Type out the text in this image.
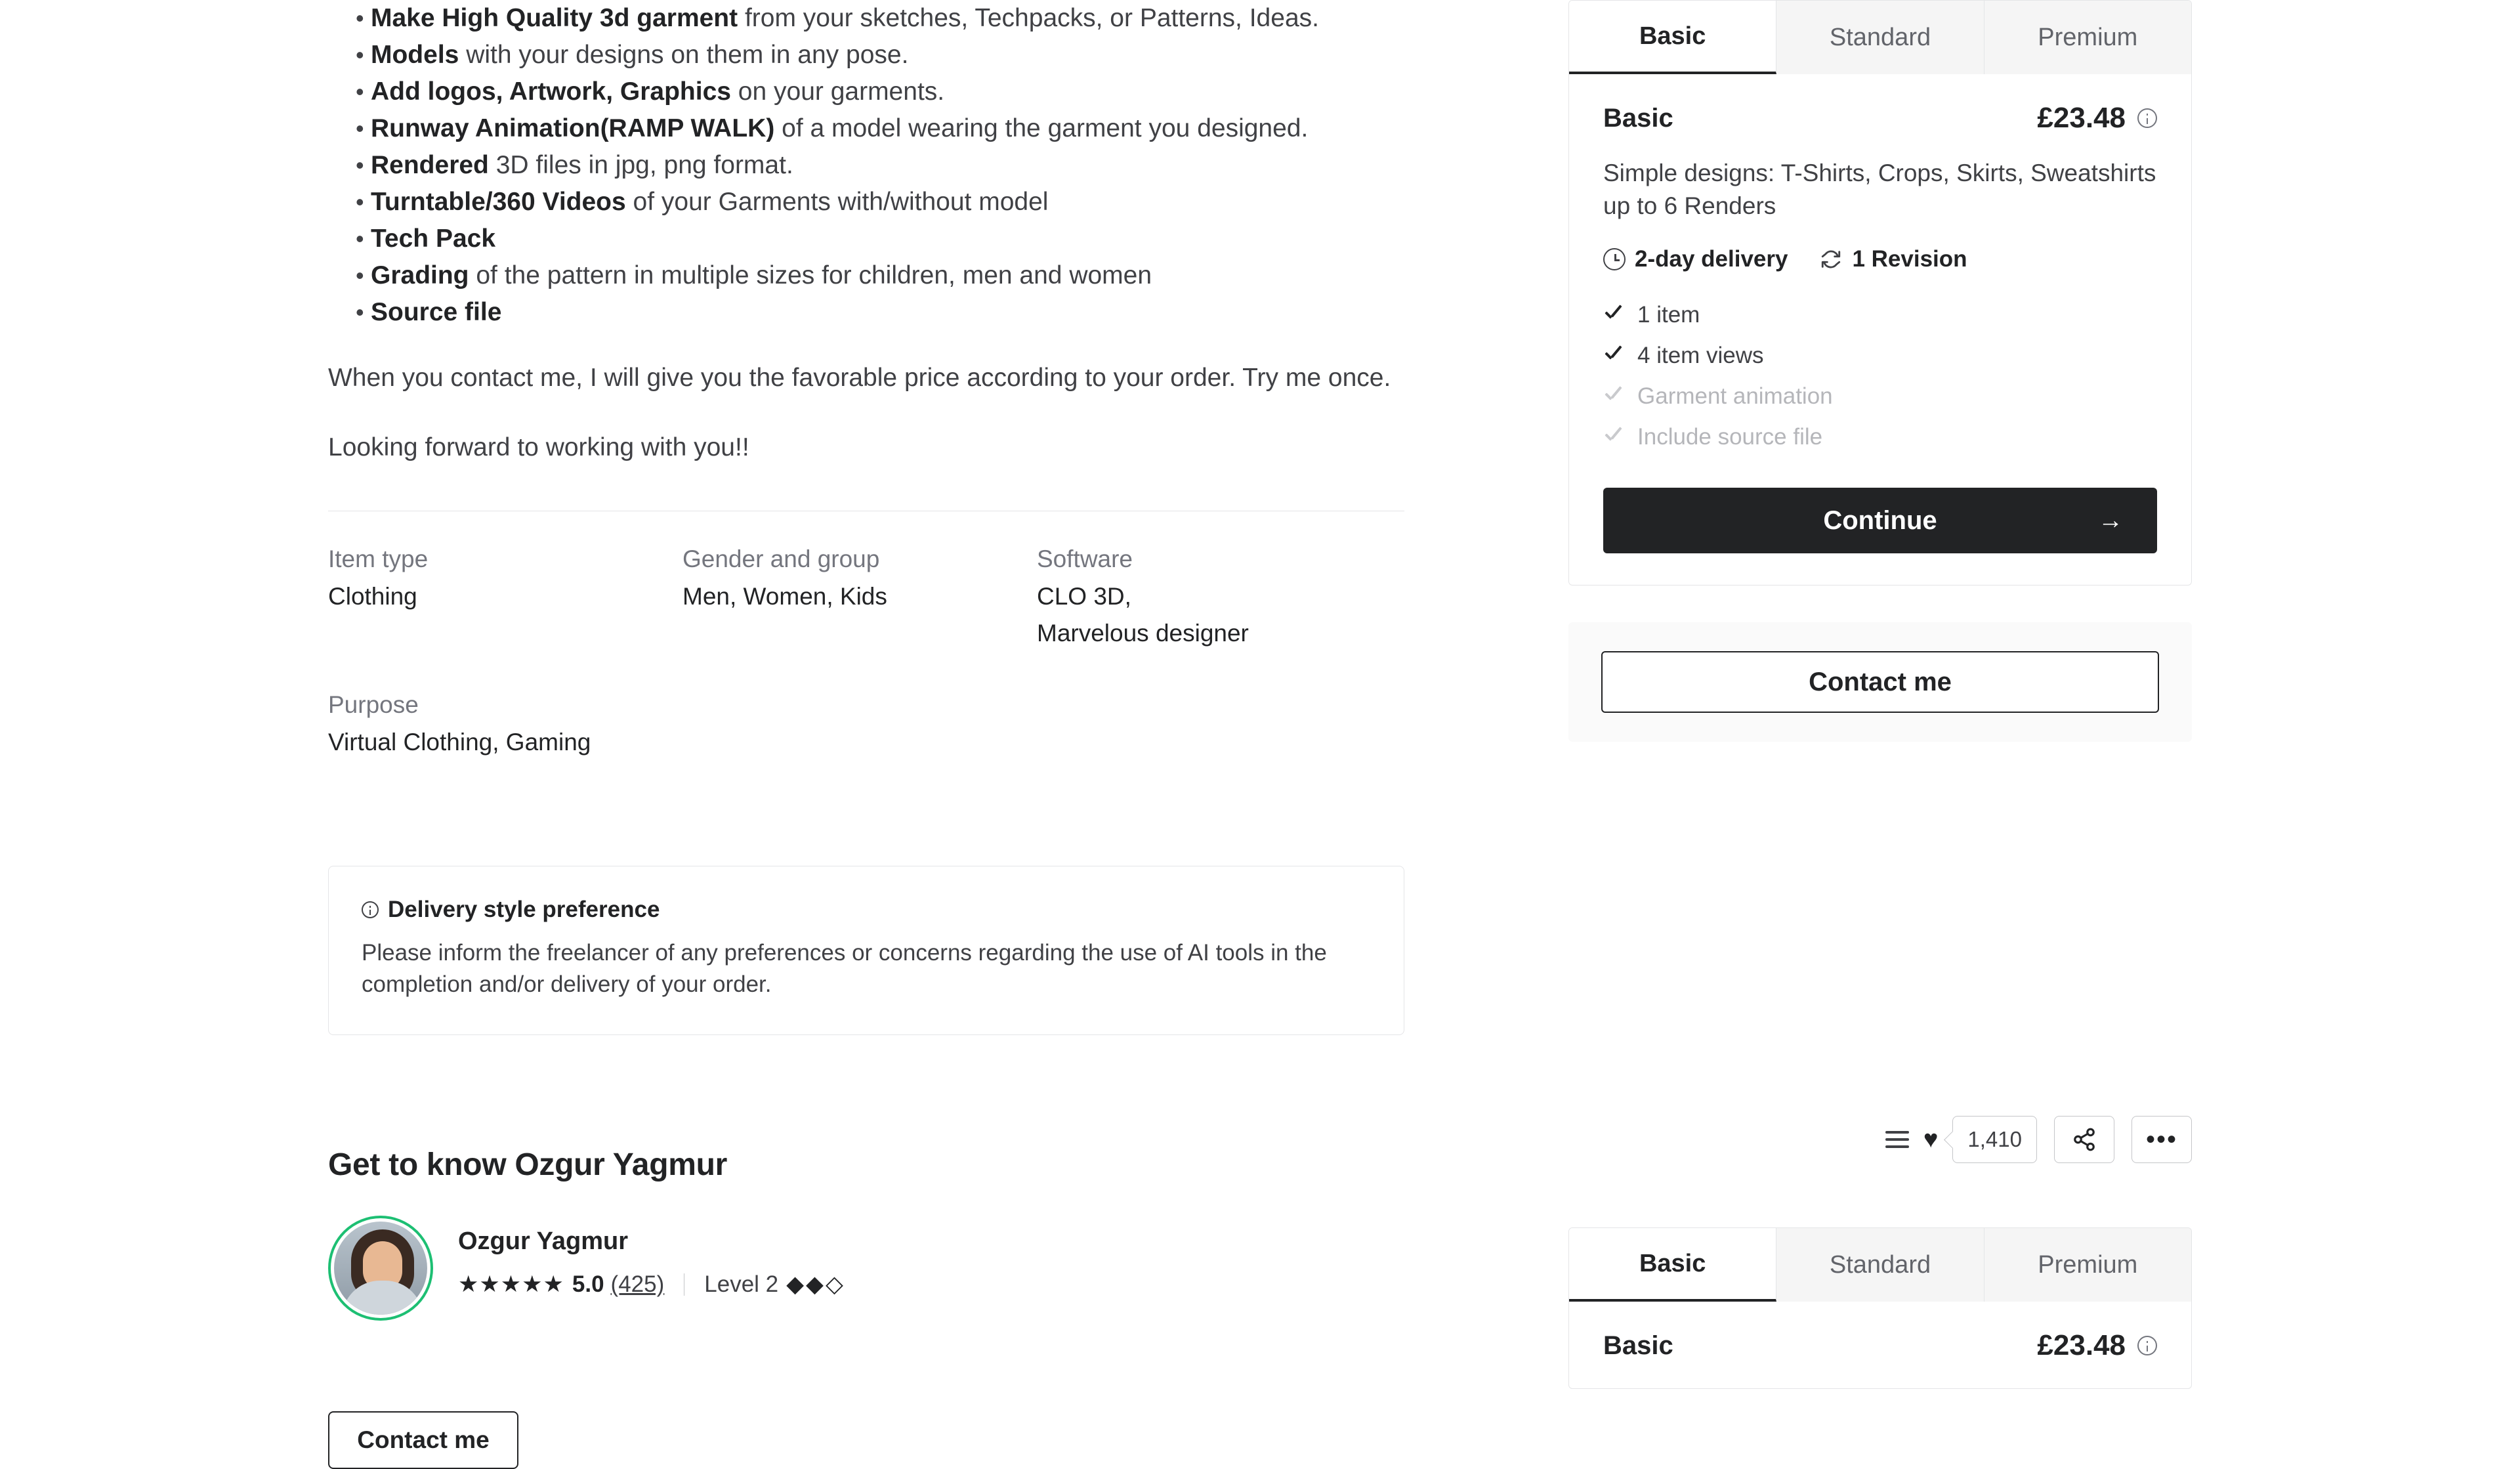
• Make High Quality 3d garment from your sketches, Techpacks, or Patterns, Ideas.
• Models with your designs on them in any pose.
• Add logos, Artwork, Graphics on your garments.
• Runway Animation(RAMP WALK) of a model wearing the garment you designed.
• Rendered 3D files in jpg, png format.
• Turntable/360 Videos of your Garments with/without model
• Tech Pack
• Grading of the pattern in multiple sizes for children, men and women
• Source file
When you contact me, I will give you the favorable price according to your order. Try me once.
Looking forward to working with you!!
Item type
Clothing
Gender and group
Men, Women, Kids
Software
CLO 3D,
Marvelous designer
Purpose
Virtual Clothing, Gaming
Delivery style preference
Please inform the freelancer of any preferences or concerns regarding the use of AI tools in the completion and/or delivery of your order.
Get to know Ozgur Yagmur
Ozgur Yagmur
★★★★★ 5.0 (425) Level 2 ◆◆◇
Contact me
Basic	Standard	Premium
Basic	£23.48
Simple designs: T-Shirts, Crops, Skirts, Sweatshirts up to 6 Renders
2-day delivery	1 Revision
1 item
4 item views
Garment animation
Include source file
Continue	→
Contact me
♥	1,410	•••
Basic	Standard	Premium
Basic	£23.48
